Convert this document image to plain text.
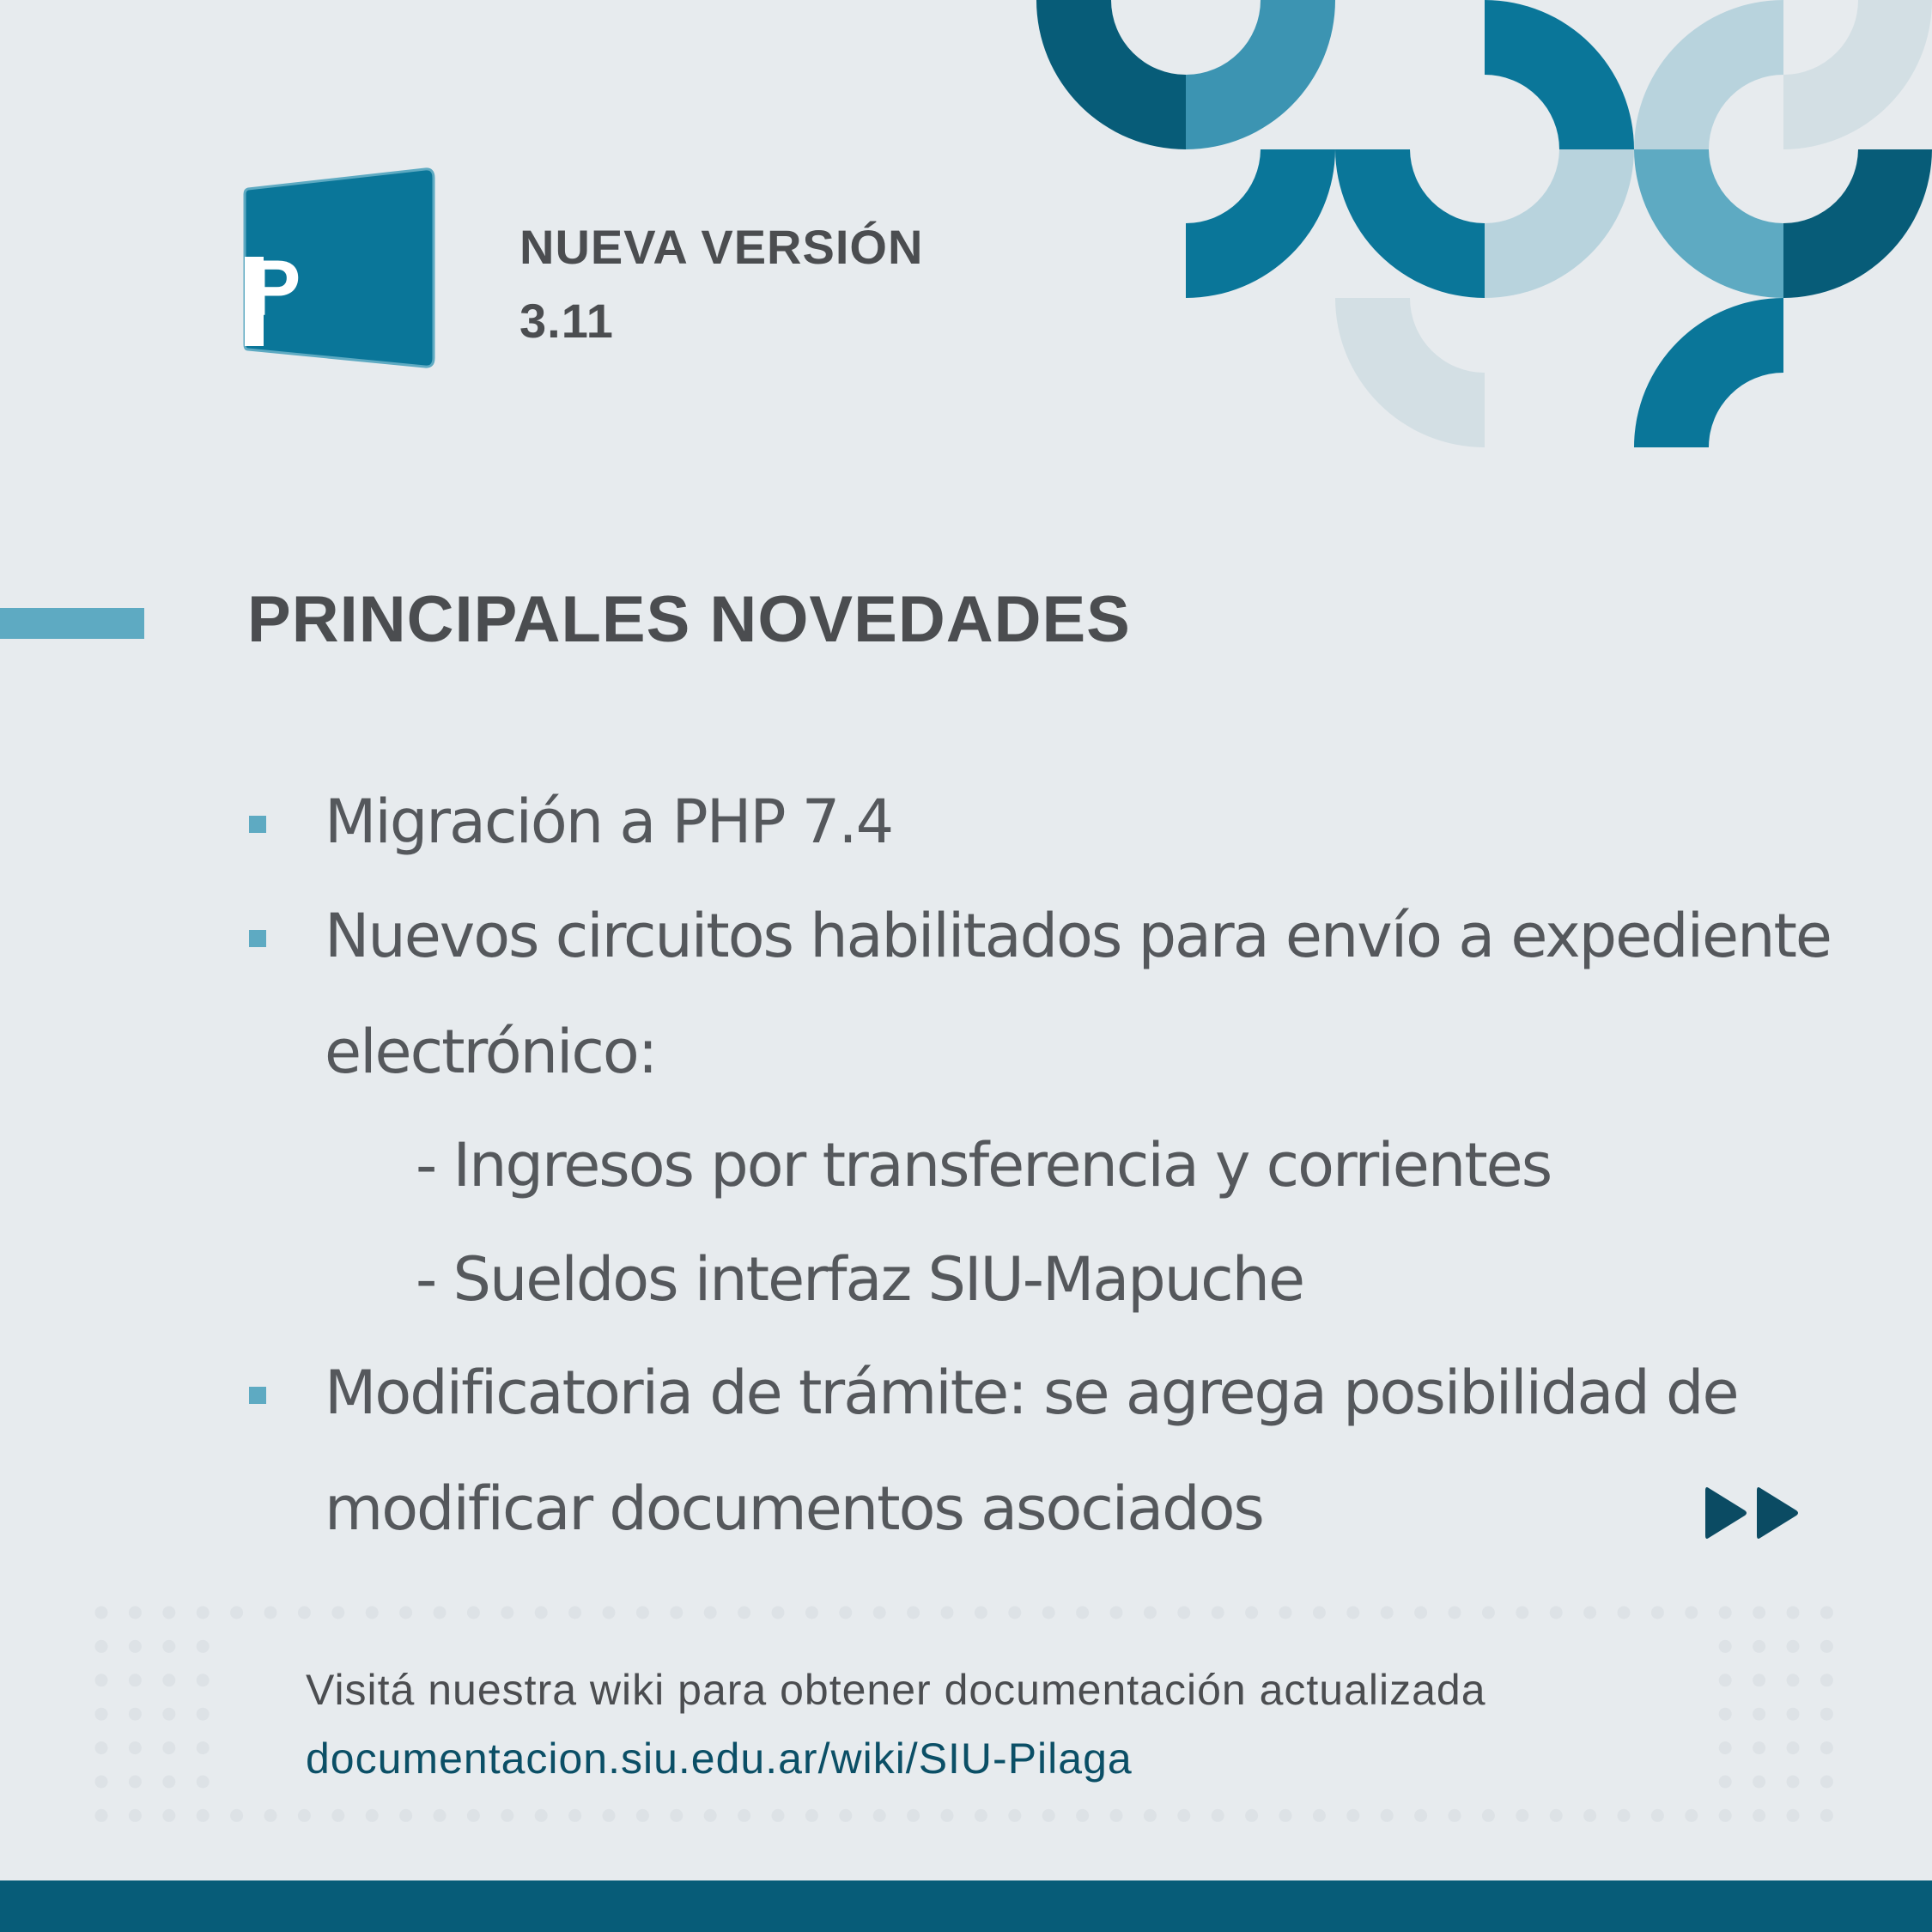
P	NUEVA VERSIÓN
3.11
PRINCIPALES NOVEDADES
Migración a PHP 7.4
Nuevos circuitos habilitados para envío a expediente
electrónico:
- Ingresos por transferencia y corrientes
- Sueldos interfaz SIU-Mapuche
Modificatoria de trámite: se agrega posibilidad de
modificar documentos asociados
Visitá nuestra wiki para obtener documentación actualizada
documentacion.siu.edu.ar/wiki/SIU-Pilaga
